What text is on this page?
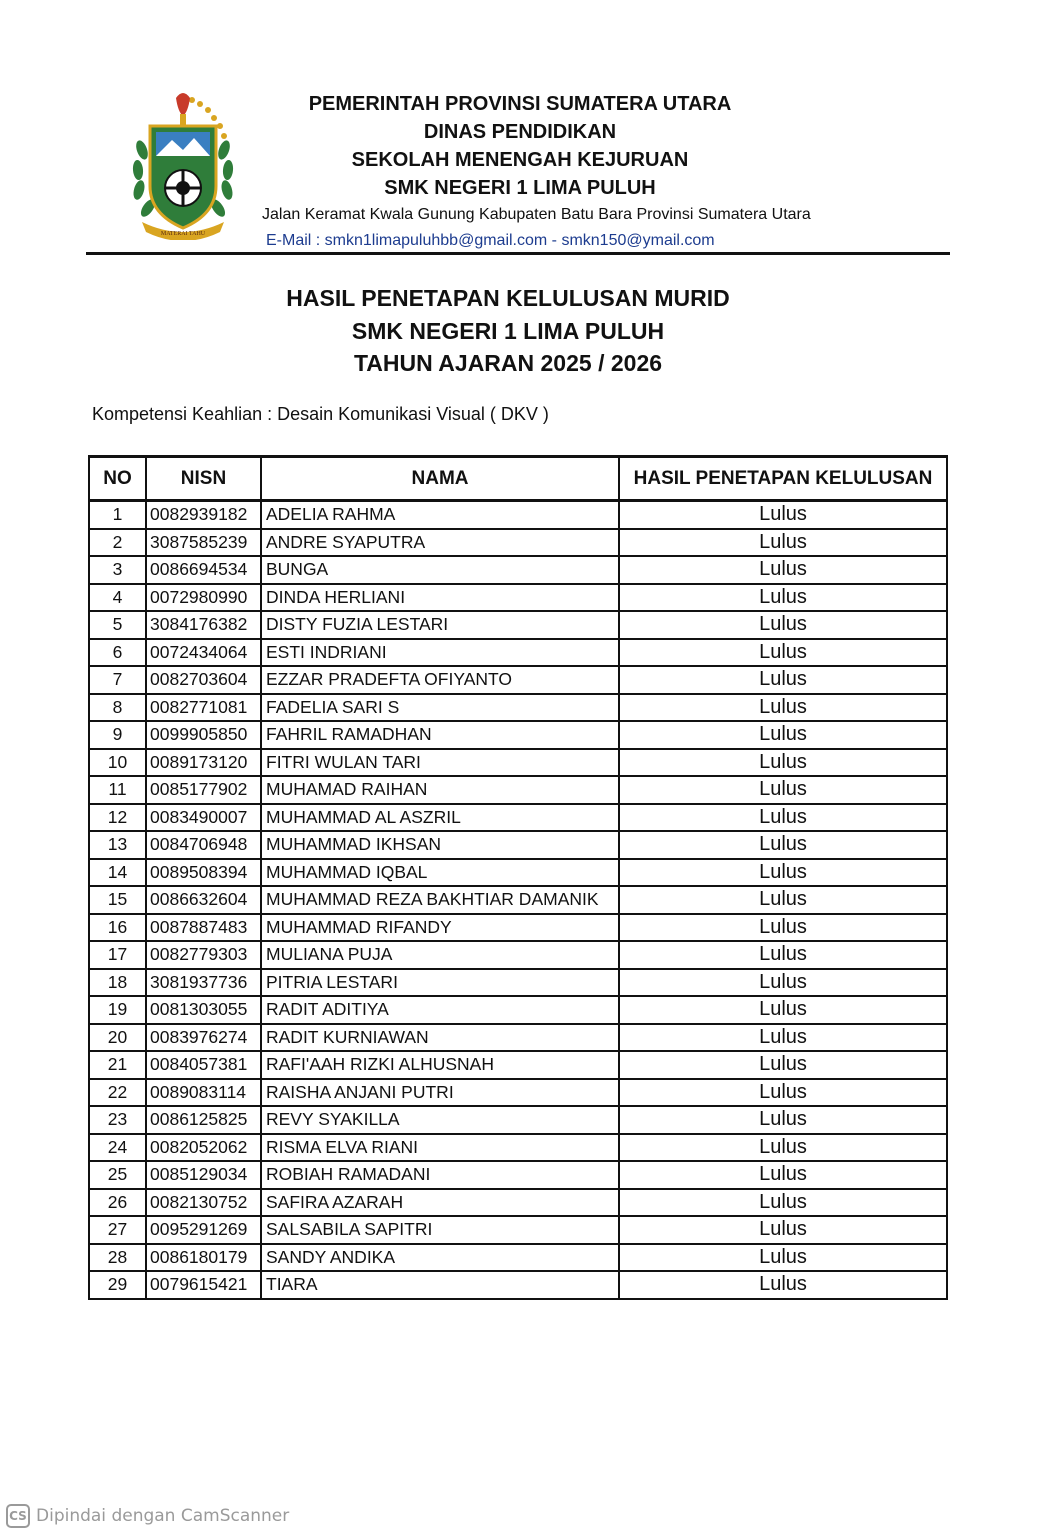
MATERAI TAHU
PEMERINTAH PROVINSI SUMATERA UTARA
DINAS PENDIDIKAN
SEKOLAH MENENGAH KEJURUAN
SMK NEGERI 1 LIMA PULUH
Jalan Keramat Kwala Gunung Kabupaten Batu Bara Provinsi Sumatera Utara
E-Mail : smkn1limapuluhbb@gmail.com - smkn150@ymail.com
HASIL PENETAPAN KELULUSAN MURID
SMK NEGERI 1 LIMA PULUH
TAHUN AJARAN 2025 / 2026
Kompetensi Keahlian : Desain Komunikasi Visual ( DKV )
NO	NISN	NAMA	HASIL PENETAPAN KELULUSAN
1	0082939182	ADELIA RAHMA	Lulus
2	3087585239	ANDRE SYAPUTRA	Lulus
3	0086694534	BUNGA	Lulus
4	0072980990	DINDA HERLIANI	Lulus
5	3084176382	DISTY FUZIA LESTARI	Lulus
6	0072434064	ESTI INDRIANI	Lulus
7	0082703604	EZZAR PRADEFTA OFIYANTO	Lulus
8	0082771081	FADELIA SARI S	Lulus
9	0099905850	FAHRIL RAMADHAN	Lulus
10	0089173120	FITRI WULAN TARI	Lulus
11	0085177902	MUHAMAD RAIHAN	Lulus
12	0083490007	MUHAMMAD AL ASZRIL	Lulus
13	0084706948	MUHAMMAD IKHSAN	Lulus
14	0089508394	MUHAMMAD IQBAL	Lulus
15	0086632604	MUHAMMAD REZA BAKHTIAR DAMANIK	Lulus
16	0087887483	MUHAMMAD RIFANDY	Lulus
17	0082779303	MULIANA PUJA	Lulus
18	3081937736	PITRIA LESTARI	Lulus
19	0081303055	RADIT ADITIYA	Lulus
20	0083976274	RADIT KURNIAWAN	Lulus
21	0084057381	RAFI'AAH RIZKI ALHUSNAH	Lulus
22	0089083114	RAISHA ANJANI PUTRI	Lulus
23	0086125825	REVY SYAKILLA	Lulus
24	0082052062	RISMA ELVA RIANI	Lulus
25	0085129034	ROBIAH RAMADANI	Lulus
26	0082130752	SAFIRA AZARAH	Lulus
27	0095291269	SALSABILA SAPITRI	Lulus
28	0086180179	SANDY ANDIKA	Lulus
29	0079615421	TIARA	Lulus
CS Dipindai dengan CamScanner
